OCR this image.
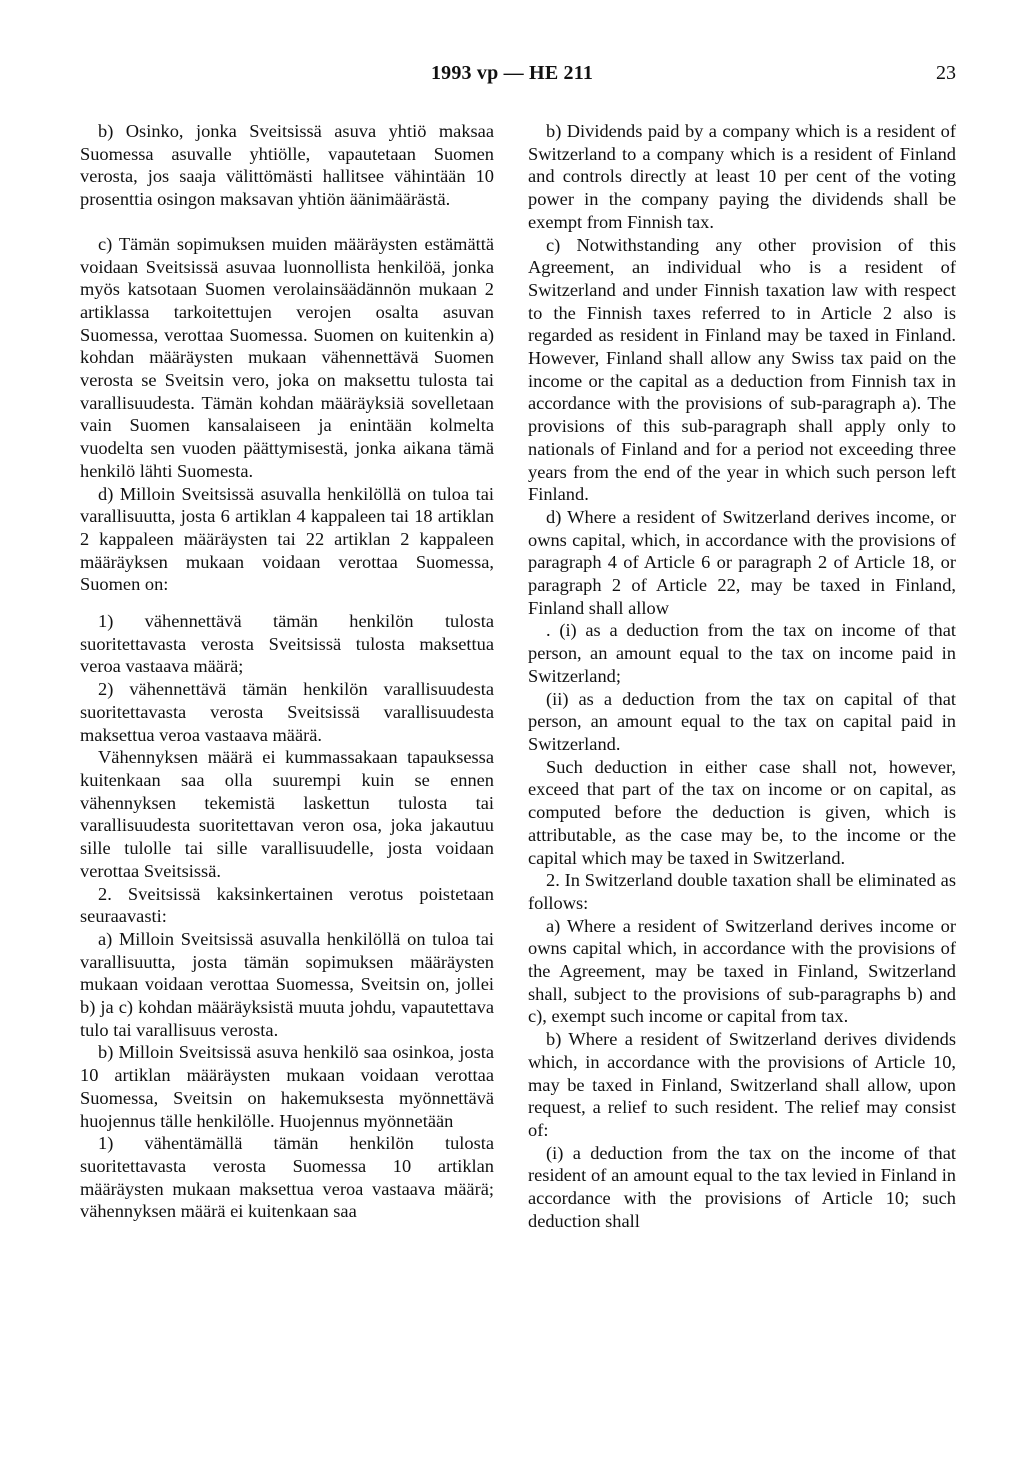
1993 vp — HE 211	23

b) Osinko, jonka Sveitsissä asuva yhtiö maksaa Suomessa asuvalle yhtiölle, vapautetaan Suomen verosta, jos saaja välittömästi hallitsee vähintään 10 prosenttia osingon maksavan yhtiön äänimäärästä.

c) Tämän sopimuksen muiden määräysten estämättä voidaan Sveitsissä asuvaa luonnollista henkilöä, jonka myös katsotaan Suomen verolainsäädännön mukaan 2 artiklassa tarkoitettujen verojen osalta asuvan Suomessa, verottaa Suomessa. Suomen on kuitenkin a) kohdan määräysten mukaan vähennettävä Suomen verosta se Sveitsin vero, joka on maksettu tulosta tai varallisuudesta. Tämän kohdan määräyksiä sovelletaan vain Suomen kansalaiseen ja enintään kolmelta vuodelta sen vuoden päättymisestä, jonka aikana tämä henkilö lähti Suomesta.

d) Milloin Sveitsissä asuvalla henkilöllä on tuloa tai varallisuutta, josta 6 artiklan 4 kappaleen tai 18 artiklan 2 kappaleen määräysten tai 22 artiklan 2 kappaleen määräyksen mukaan voidaan verottaa Suomessa, Suomen on:

1) vähennettävä tämän henkilön tulosta suoritettavasta verosta Sveitsissä tulosta maksettua veroa vastaava määrä;

2) vähennettävä tämän henkilön varallisuudesta suoritettavasta verosta Sveitsissä varallisuudesta maksettua veroa vastaava määrä.

Vähennyksen määrä ei kummassakaan tapauksessa kuitenkaan saa olla suurempi kuin se ennen vähennyksen tekemistä laskettun tulosta tai varallisuudesta suoritettavan veron osa, joka jakautuu sille tulolle tai sille varallisuudelle, josta voidaan verottaa Sveitsissä.

2. Sveitsissä kaksinkertainen verotus poistetaan seuraavasti:

a) Milloin Sveitsissä asuvalla henkilöllä on tuloa tai varallisuutta, josta tämän sopimuksen määräysten mukaan voidaan verottaa Suomessa, Sveitsin on, jollei b) ja c) kohdan määräyksistä muuta johdu, vapautettava tulo tai varallisuus verosta.

b) Milloin Sveitsissä asuva henkilö saa osinkoa, josta 10 artiklan määräysten mukaan voidaan verottaa Suomessa, Sveitsin on hakemuksesta myönnettävä huojennus tälle henkilölle. Huojennus myönnetään

1) vähentämällä tämän henkilön tulosta suoritettavasta verosta Suomessa 10 artiklan määräysten mukaan maksettua veroa vastaava määrä; vähennyksen määrä ei kuitenkaan saa

b) Dividends paid by a company which is a resident of Switzerland to a company which is a resident of Finland and controls directly at least 10 per cent of the voting power in the company paying the dividends shall be exempt from Finnish tax.

c) Notwithstanding any other provision of this Agreement, an individual who is a resident of Switzerland and under Finnish taxation law with respect to the Finnish taxes referred to in Article 2 also is regarded as resident in Finland may be taxed in Finland. However, Finland shall allow any Swiss tax paid on the income or the capital as a deduction from Finnish tax in accordance with the provisions of sub-paragraph a). The provisions of this sub-paragraph shall apply only to nationals of Finland and for a period not exceeding three years from the end of the year in which such person left Finland.

d) Where a resident of Switzerland derives income, or owns capital, which, in accordance with the provisions of paragraph 4 of Article 6 or paragraph 2 of Article 18, or paragraph 2 of Article 22, may be taxed in Finland, Finland shall allow

. (i) as a deduction from the tax on income of that person, an amount equal to the tax on income paid in Switzerland;

(ii) as a deduction from the tax on capital of that person, an amount equal to the tax on capital paid in Switzerland.

Such deduction in either case shall not, however, exceed that part of the tax on income or on capital, as computed before the deduction is given, which is attributable, as the case may be, to the income or the capital which may be taxed in Switzerland.

2. In Switzerland double taxation shall be eliminated as follows:

a) Where a resident of Switzerland derives income or owns capital which, in accordance with the provisions of the Agreement, may be taxed in Finland, Switzerland shall, subject to the provisions of sub-paragraphs b) and c), exempt such income or capital from tax.

b) Where a resident of Switzerland derives dividends which, in accordance with the provisions of Article 10, may be taxed in Finland, Switzerland shall allow, upon request, a relief to such resident. The relief may consist of:

(i) a deduction from the tax on the income of that resident of an amount equal to the tax levied in Finland in accordance with the provisions of Article 10; such deduction shall
